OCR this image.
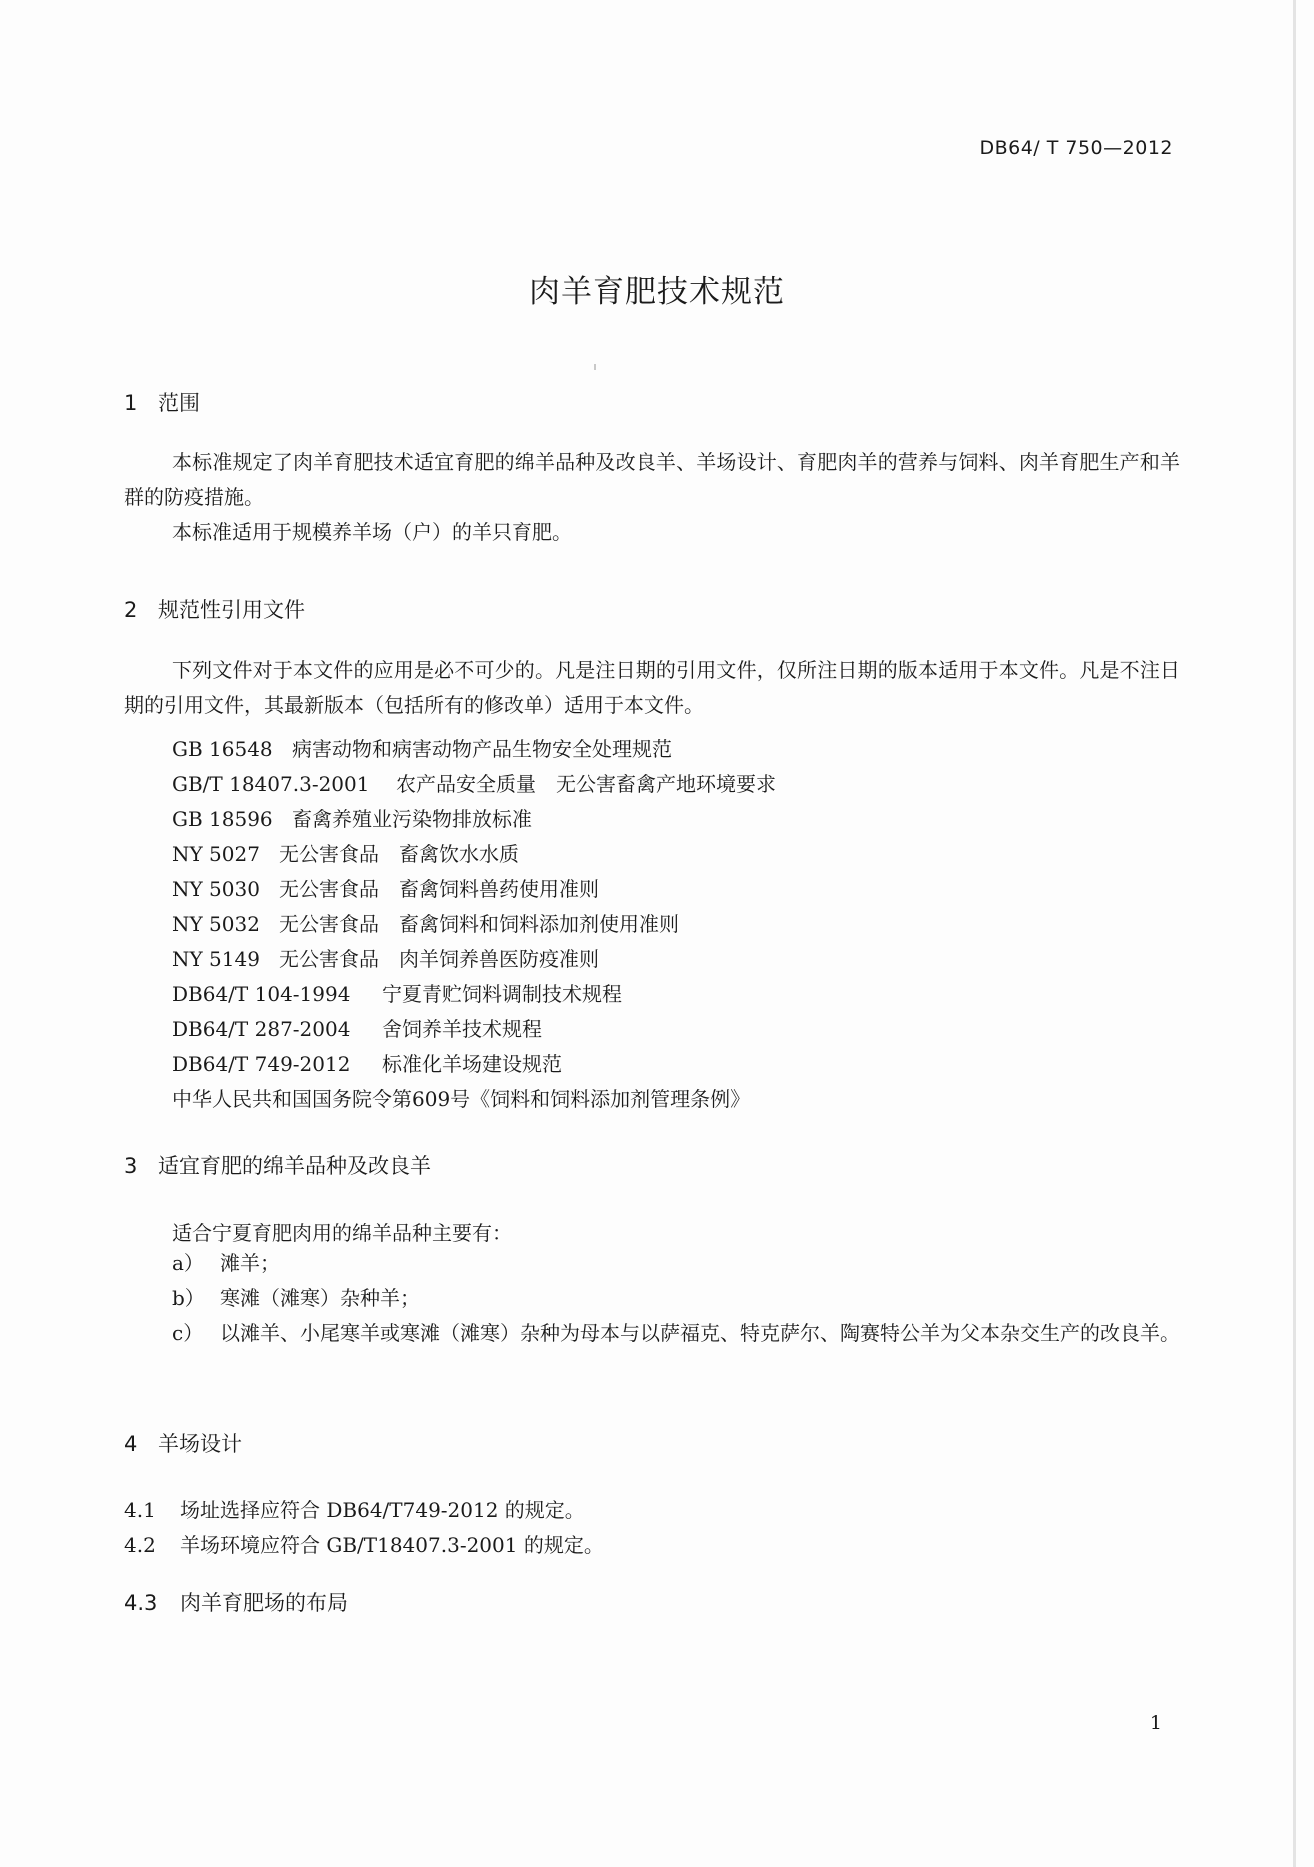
DB64/ T 750—2012
肉羊育肥技术规范
1 范围
本标准规定了肉羊育肥技术适宜育肥的绵羊品种及改良羊、羊场设计、育肥肉羊的营养与饲料、肉羊育肥生产和羊群的防疫措施。
本标准适用于规模养羊场（户）的羊只育肥。
2 规范性引用文件
下列文件对于本文件的应用是必不可少的。凡是注日期的引用文件，仅所注日期的版本适用于本文件。凡是不注日期的引用文件，其最新版本（包括所有的修改单）适用于本文件。
GB 16548 病害动物和病害动物产品生物安全处理规范
GB/T 18407.3-2001 农产品安全质量　无公害畜禽产地环境要求
GB 18596 畜禽养殖业污染物排放标准
NY 5027 无公害食品　畜禽饮水水质
NY 5030 无公害食品　畜禽饲料兽药使用准则
NY 5032 无公害食品　畜禽饲料和饲料添加剂使用准则
NY 5149 无公害食品　肉羊饲养兽医防疫准则
DB64/T 104-1994 宁夏青贮饲料调制技术规程
DB64/T 287-2004 舍饲养羊技术规程
DB64/T 749-2012 标准化羊场建设规范
中华人民共和国国务院令第609号《饲料和饲料添加剂管理条例》
3 适宜育肥的绵羊品种及改良羊
适合宁夏育肥肉用的绵羊品种主要有：
a） 滩羊；
b） 寒滩（滩寒）杂种羊；
c） 以滩羊、小尾寒羊或寒滩（滩寒）杂种为母本与以萨福克、特克萨尔、陶赛特公羊为父本杂交生产的改良羊。
4 羊场设计
4.1 场址选择应符合 DB64/T749-2012 的规定。
4.2 羊场环境应符合 GB/T18407.3-2001 的规定。
4.3 肉羊育肥场的布局
1
